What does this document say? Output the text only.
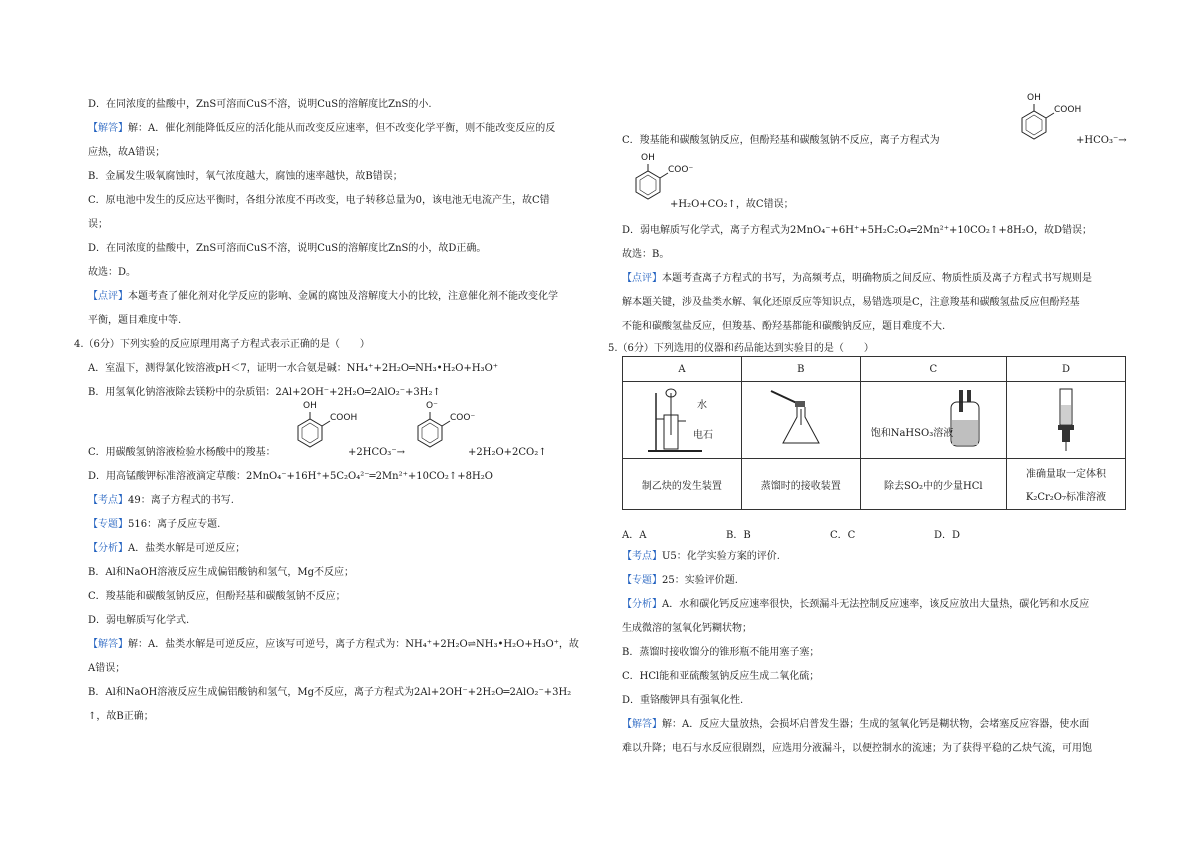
D．在同浓度的盐酸中，ZnS可溶而CuS不溶，说明CuS的溶解度比ZnS的小.
【解答】解：A．催化剂能降低反应的活化能从而改变反应速率，但不改变化学平衡，则不能改变反应的反
应热，故A错误；
B．金属发生吸氧腐蚀时，氧气浓度越大，腐蚀的速率越快，故B错误；
C．原电池中发生的反应达平衡时，各组分浓度不再改变，电子转移总量为0，该电池无电流产生，故C错
误；
D．在同浓度的盐酸中，ZnS可溶而CuS不溶，说明CuS的溶解度比ZnS的小，故D正确。
故选：D。
【点评】本题考查了催化剂对化学反应的影响、金属的腐蚀及溶解度大小的比较，注意催化剂不能改变化学
平衡，题目难度中等.
4.（6分）下列实验的反应原理用离子方程式表示正确的是（　　）
A．室温下，测得氯化铵溶液pH＜7，证明一水合氨是碱：NH₄⁺+2H₂O═NH₃•H₂O+H₃O⁺
B．用氢氧化钠溶液除去镁粉中的杂质铝：2Al+2OH⁻+2H₂O═2AlO₂⁻+3H₂↑
C．用碳酸氢钠溶液检验水杨酸中的羧基：
OH
COOH
+2HCO₃⁻→
O⁻
COO⁻
+2H₂O+2CO₂↑
D．用高锰酸钾标准溶液滴定草酸：2MnO₄⁻+16H⁺+5C₂O₄²⁻═2Mn²⁺+10CO₂↑+8H₂O
【考点】49：离子方程式的书写.
【专题】516：离子反应专题.
【分析】A．盐类水解是可逆反应；
B．Al和NaOH溶液反应生成偏铝酸钠和氢气，Mg不反应；
C．羧基能和碳酸氢钠反应，但酚羟基和碳酸氢钠不反应；
D．弱电解质写化学式.
【解答】解：A．盐类水解是可逆反应，应该写可逆号，离子方程式为：NH₄⁺+2H₂O⇌NH₃•H₂O+H₃O⁺，故
A错误；
B．Al和NaOH溶液反应生成偏铝酸钠和氢气，Mg不反应，离子方程式为2Al+2OH⁻+2H₂O═2AlO₂⁻+3H₂
↑，故B正确；
C．羧基能和碳酸氢钠反应，但酚羟基和碳酸氢钠不反应，离子方程式为
OH
COOH
+HCO₃⁻→
OH
COO⁻
+H₂O+CO₂↑，故C错误；
D．弱电解质写化学式，离子方程式为2MnO₄⁻+6H⁺+5H₂C₂O₄═2Mn²⁺+10CO₂↑+8H₂O，故D错误；
故选：B。
【点评】本题考查离子方程式的书写，为高频考点，明确物质之间反应、物质性质及离子方程式书写规则是
解本题关键，涉及盐类水解、氧化还原反应等知识点，易错选项是C，注意羧基和碳酸氢盐反应但酚羟基
不能和碳酸氢盐反应，但羧基、酚羟基都能和碳酸钠反应，题目难度不大.
5.（6分）下列选用的仪器和药品能达到实验目的是（　　）
A	B	C	D

水
电石		饱和NaHSO₃溶液

制乙炔的发生装置	蒸馏时的接收装置	除去SO₂中的少量HCl	准确量取一定体积
K₂Cr₂O₇标准溶液
A．A	B．B	C．C	D．D
【考点】U5：化学实验方案的评价.
【专题】25：实验评价题.
【分析】A．水和碳化钙反应速率很快，长颈漏斗无法控制反应速率，该反应放出大量热，碳化钙和水反应
生成微溶的氢氧化钙糊状物；
B．蒸馏时接收馏分的锥形瓶不能用塞子塞；
C．HCl能和亚硫酸氢钠反应生成二氧化硫；
D．重铬酸钾具有强氧化性.
【解答】解：A．反应大量放热，会损坏启普发生器；生成的氢氧化钙是糊状物，会堵塞反应容器，使水面
难以升降；电石与水反应很剧烈，应选用分液漏斗，以便控制水的流速；为了获得平稳的乙炔气流，可用饱
